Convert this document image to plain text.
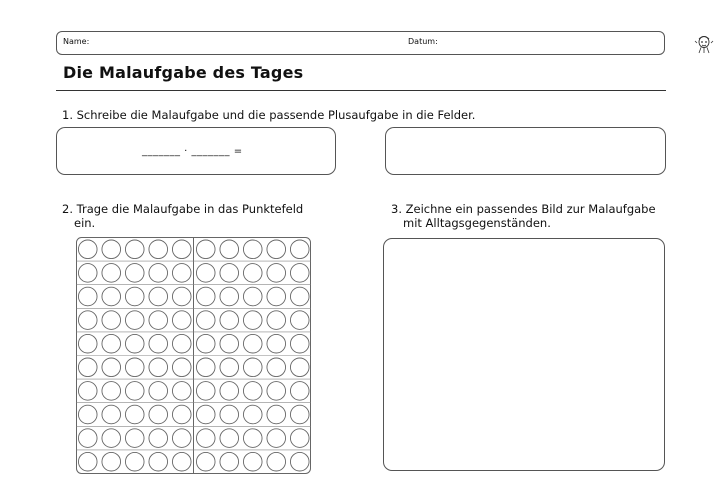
Name:	Datum:
Die Malaufgabe des Tages
1. Schreibe die Malaufgabe und die passende Plusaufgabe in die Felder.
_______ · _______ =
2. Trage die Malaufgabe in das Punktefeld
ein.
3. Zeichne ein passendes Bild zur Malaufgabe
mit Alltagsgegenständen.
